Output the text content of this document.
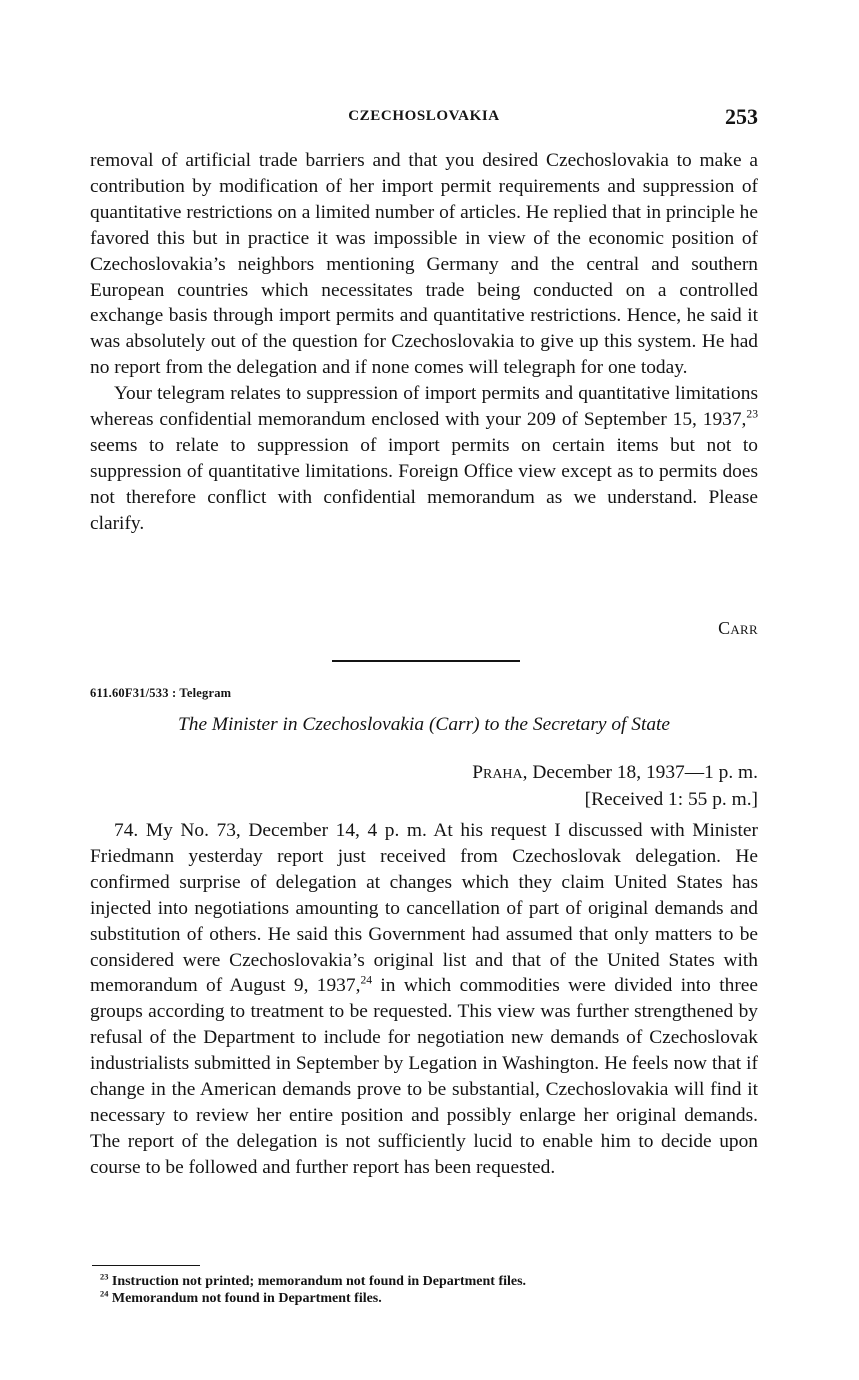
CZECHOSLOVAKIA	253

removal of artificial trade barriers and that you desired Czechoslovakia to make a contribution by modification of her import permit requirements and suppression of quantitative restrictions on a limited number of articles. He replied that in principle he favored this but in practice it was impossible in view of the economic position of Czechoslovakia’s neighbors mentioning Germany and the central and southern European countries which necessitates trade being conducted on a controlled exchange basis through import permits and quantitative restrictions. Hence, he said it was absolutely out of the question for Czechoslovakia to give up this system. He had no report from the delegation and if none comes will telegraph for one today.

Your telegram relates to suppression of import permits and quantitative limitations whereas confidential memorandum enclosed with your 209 of September 15, 1937,23 seems to relate to suppression of import permits on certain items but not to suppression of quantitative limitations. Foreign Office view except as to permits does not therefore conflict with confidential memorandum as we understand. Please clarify.

Carr
611.60F31/533 : Telegram
The Minister in Czechoslovakia (Carr) to the Secretary of State
Praha, December 18, 1937—1 p. m.
[Received 1: 55 p. m.]

74. My No. 73, December 14, 4 p. m. At his request I discussed with Minister Friedmann yesterday report just received from Czechoslovak delegation. He confirmed surprise of delegation at changes which they claim United States has injected into negotiations amounting to cancellation of part of original demands and substitution of others. He said this Government had assumed that only matters to be considered were Czechoslovakia’s original list and that of the United States with memorandum of August 9, 1937,24 in which commodities were divided into three groups according to treatment to be requested. This view was further strengthened by refusal of the Department to include for negotiation new demands of Czechoslovak industrialists submitted in September by Legation in Washington. He feels now that if change in the American demands prove to be substantial, Czechoslovakia will find it necessary to review her entire position and possibly enlarge her original demands. The report of the delegation is not sufficiently lucid to enable him to decide upon course to be followed and further report has been requested.

$^{23}$ Instruction not printed; memorandum not found in Department files.
$^{24}$ Memorandum not found in Department files.
